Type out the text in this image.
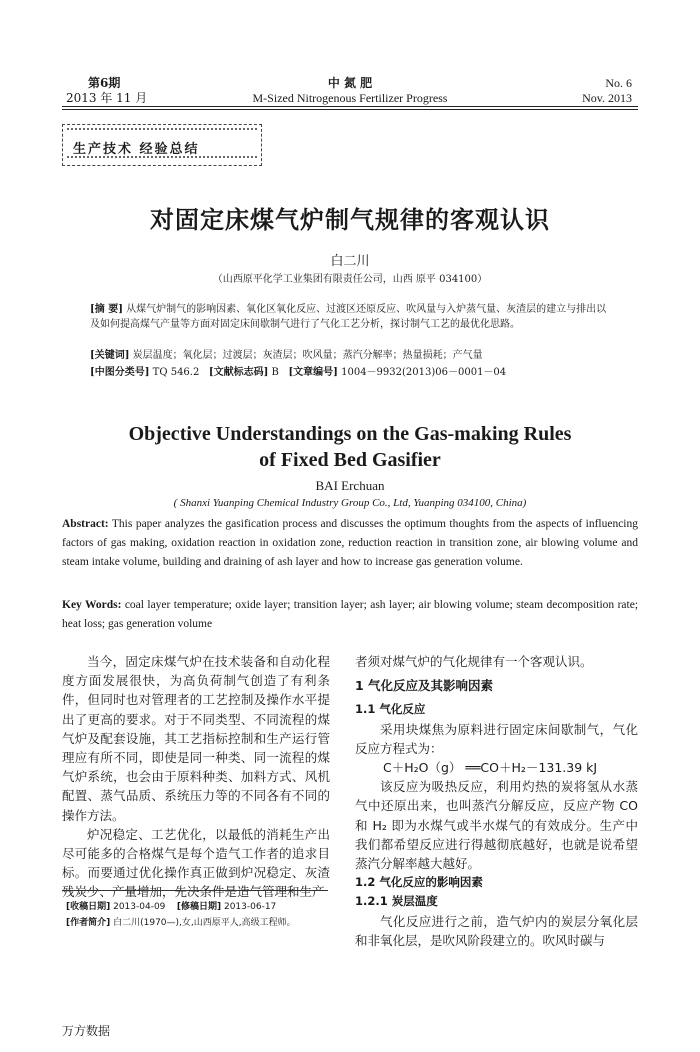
第6期
2013 年 11 月
中 氮 肥
M-Sized Nitrogenous Fertilizer Progress
No. 6
Nov. 2013
生产技术 经验总结
对固定床煤气炉制气规律的客观认识
白二川
（山西原平化学工业集团有限责任公司，山西 原平 034100）
[摘 要] 从煤气炉制气的影响因素、氧化区氧化反应、过渡区还原反应、吹风量与入炉蒸气量、灰渣层的建立与排出以及如何提高煤气产量等方面对固定床间歇制气进行了气化工艺分析，探讨制气工艺的最优化思路。
[关键词] 炭层温度；氧化层；过渡层；灰渣层；吹风量；蒸汽分解率；热量损耗；产气量
[中图分类号] TQ 546.2 [文献标志码] B [文章编号] 1004－9932(2013)06－0001－04
Objective Understandings on the Gas-making Rules
of Fixed Bed Gasifier
BAI Erchuan
( Shanxi Yuanping Chemical Industry Group Co., Ltd, Yuanping 034100, China)
Abstract: This paper analyzes the gasification process and discusses the optimum thoughts from the aspects of influencing factors of gas making, oxidation reaction in oxidation zone, reduction reaction in transition zone, air blowing volume and steam intake volume, building and draining of ash layer and how to increase gas generation volume.
Key Words: coal layer temperature; oxide layer; transition layer; ash layer; air blowing volume; steam decomposition rate; heat loss; gas generation volume

当今，固定床煤气炉在技术装备和自动化程度方面发展很快，为高负荷制气创造了有利条件，但同时也对管理者的工艺控制及操作水平提出了更高的要求。对于不同类型、不同流程的煤气炉及配套设施，其工艺指标控制和生产运行管理应有所不同，即使是同一种类、同一流程的煤气炉系统，也会由于原料种类、加料方式、风机配置、蒸气品质、系统压力等的不同各有不同的操作方法。

炉况稳定、工艺优化，以最低的消耗生产出尽可能多的合格煤气是每个造气工作者的追求目标。而要通过优化操作真正做到炉况稳定、灰渣残炭少、产量增加，先决条件是造气管理和生产

者须对煤气炉的气化规律有一个客观认识。

1 气化反应及其影响因素

1.1 气化反应

采用块煤焦为原料进行固定床间歇制气，气化反应方程式为：

C＋H₂O（g） ══CO＋H₂－131.39 kJ

该反应为吸热反应，利用灼热的炭将氢从水蒸气中还原出来，也叫蒸汽分解反应，反应产物 CO 和 H₂ 即为水煤气或半水煤气的有效成分。生产中我们都希望反应进行得越彻底越好，也就是说希望蒸汽分解率越大越好。

1.2 气化反应的影响因素

1.2.1 炭层温度

气化反应进行之前，造气炉内的炭层分氧化层和非氧化层，是吹风阶段建立的。吹风时碳与

[收稿日期] 2013-04-09 [修稿日期] 2013-06-17
[作者简介] 白二川(1970—),女,山西原平人,高级工程师。
万方数据
